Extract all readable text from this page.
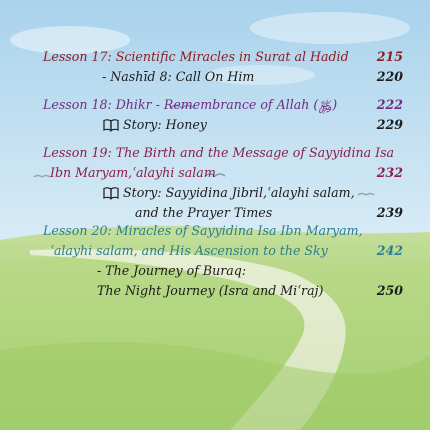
Lesson 17: Scientific Miracles in Surat al Hadid 215
- Nashīd 8: Call On Him	220
Lesson 18: Dhikr - Remembrance of Allah (﷿)	222
Story: Honey	229
Lesson 19: The Birth and the Message of Sayyidina Isa
Ibn Maryam,ʿalayhi salam	232
Story: Sayyidina Jibril,ʿalayhi salam,
and the Prayer Times	239
Lesson 20: Miracles of Sayyidina Isa Ibn Maryam,
ʿalayhi salam, and His Ascension to the Sky	242
- The Journey of Buraq:
The Night Journey (Isra and Miʿraj)	250
